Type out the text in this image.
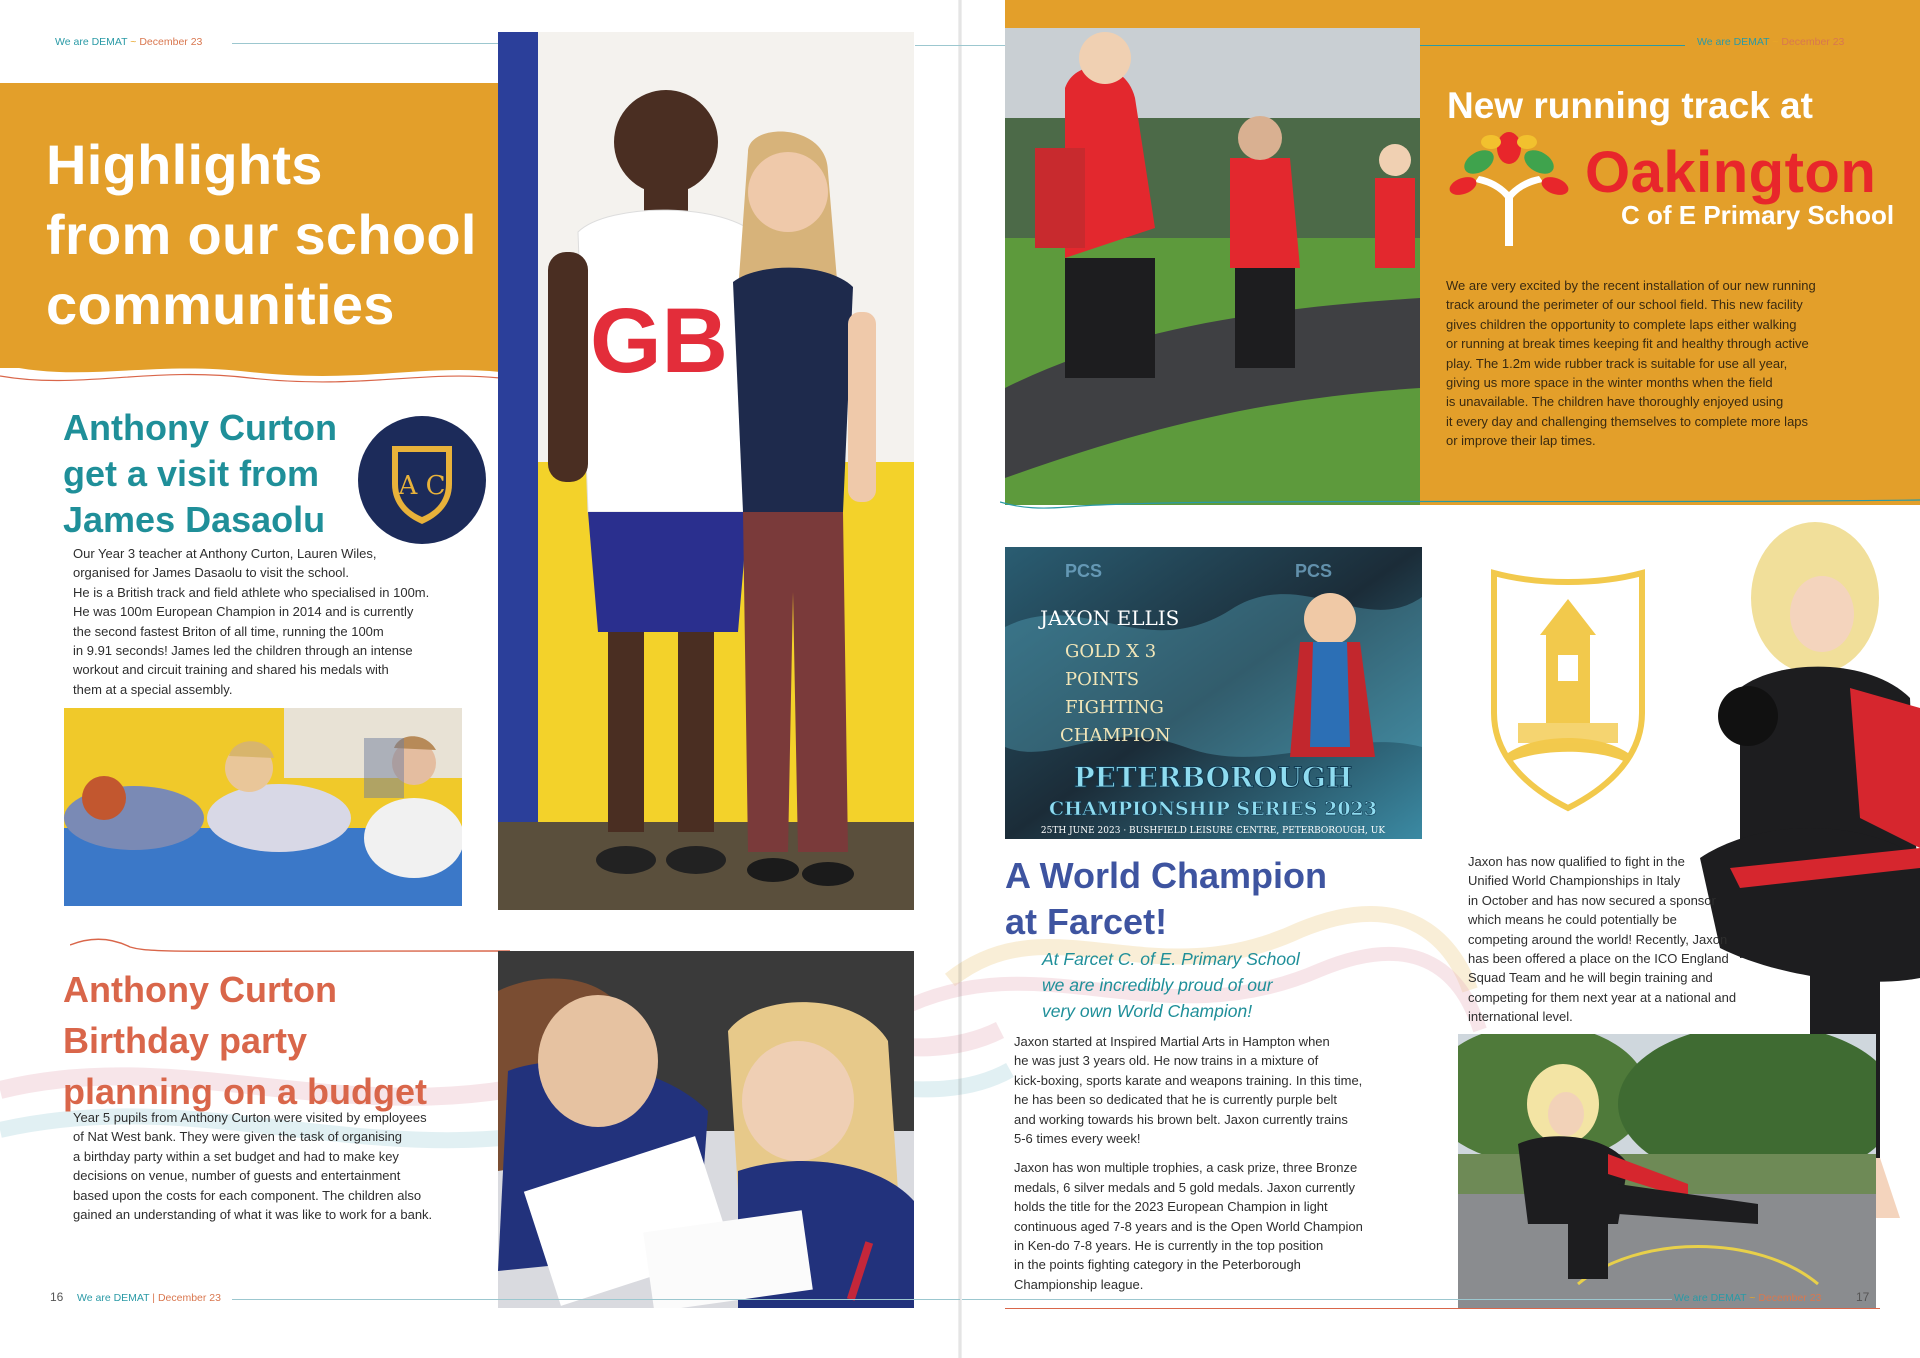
We are DEMAT ~ December 23
Highlights
from our school
communities
Anthony Curton
get a visit from
James Dasaolu
A C
Our Year 3 teacher at Anthony Curton, Lauren Wiles,
organised for James Dasaolu to visit the school.
He is a British track and field athlete who specialised in 100m.
He was 100m European Champion in 2014 and is currently
the second fastest Briton of all time, running the 100m
in 9.91 seconds! James led the children through an intense
workout and circuit training and shared his medals with
them at a special assembly.
GB
Anthony Curton
Birthday party
planning on a budget
Year 5 pupils from Anthony Curton were visited by employees
of Nat West bank. They were given the task of organising
a birthday party within a set budget and had to make key
decisions on venue, number of guests and entertainment
based upon the costs for each component. The children also
gained an understanding of what it was like to work for a bank.
16 We are DEMAT | December 23
We are DEMAT ~ December 23
New running track at
Oakington
C of E Primary School
We are very excited by the recent installation of our new running
track around the perimeter of our school field. This new facility
gives children the opportunity to complete laps either walking
or running at break times keeping fit and healthy through active
play. The 1.2m wide rubber track is suitable for use all year,
giving us more space in the winter months when the field
is unavailable. The children have thoroughly enjoyed using
it every day and challenging themselves to complete more laps
or improve their lap times.
PCS	PCS
JAXON ELLIS
GOLD X 3
POINTS
FIGHTING
CHAMPION
PETERBOROUGH
CHAMPIONSHIP SERIES 2023
25TH JUNE 2023 · BUSHFIELD LEISURE CENTRE, PETERBOROUGH, UK
A World Champion
at Farcet!
At Farcet C. of E. Primary School
we are incredibly proud of our
very own World Champion!

Jaxon started at Inspired Martial Arts in Hampton when
he was just 3 years old. He now trains in a mixture of
kick-boxing, sports karate and weapons training. In this time,
he has been so dedicated that he is currently purple belt
and working towards his brown belt. Jaxon currently trains
5-6 times every week!

Jaxon has won multiple trophies, a cask prize, three Bronze
medals, 6 silver medals and 5 gold medals. Jaxon currently
holds the title for the 2023 European Champion in light
continuous aged 7-8 years and is the Open World Champion
in Ken-do 7-8 years. He is currently in the top position
in the points fighting category in the Peterborough
Championship league.

Jaxon has now qualified to fight in the
Unified World Championships in Italy
in October and has now secured a sponsor
which means he could potentially be
competing around the world! Recently, Jaxon
has been offered a place on the ICO England
Squad Team and he will begin training and
competing for them next year at a national and
international level.
We are DEMAT ~ December 23	17
